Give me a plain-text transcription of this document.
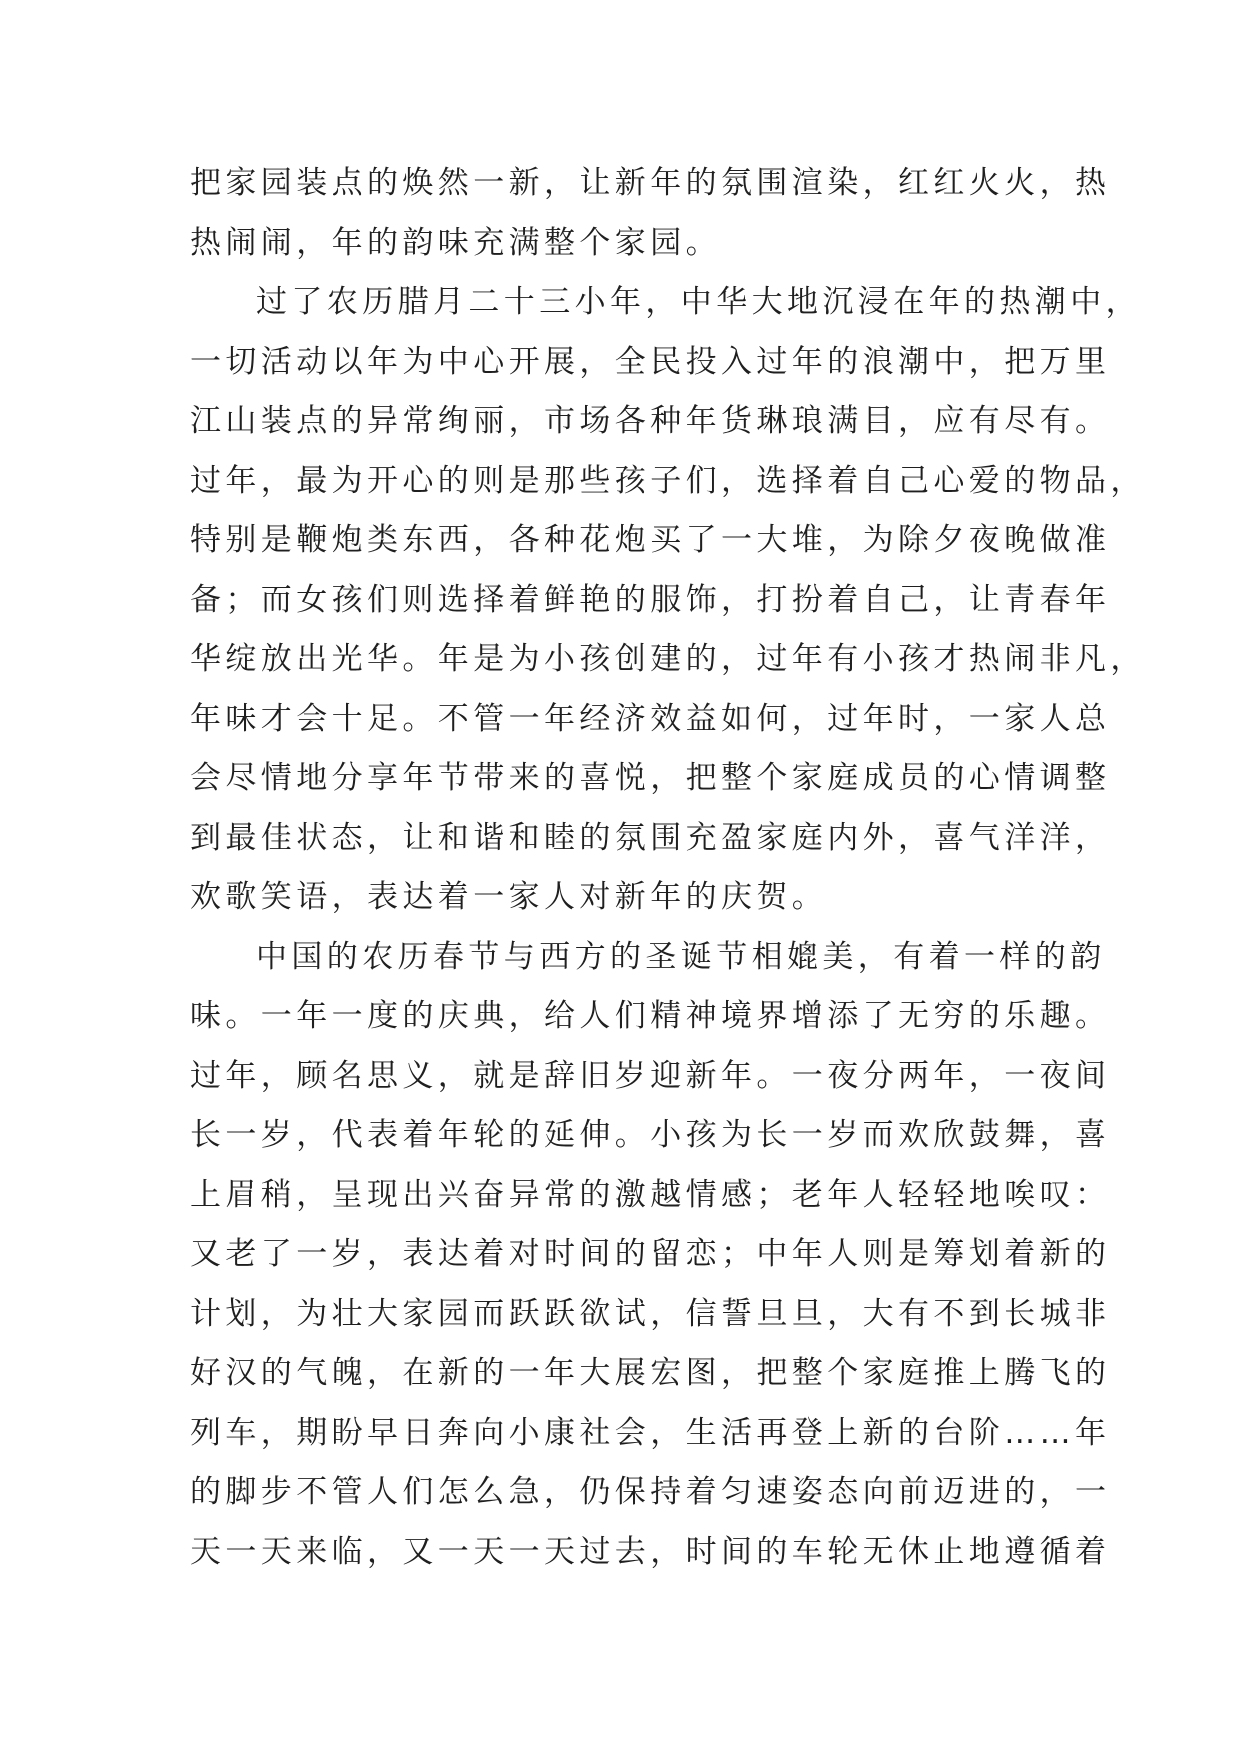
把家园装点的焕然一新，让新年的氛围渲染，红红火火，热
热闹闹，年的韵味充满整个家园。
过了农历腊月二十三小年，中华大地沉浸在年的热潮中，
一切活动以年为中心开展，全民投入过年的浪潮中，把万里
江山装点的异常绚丽，市场各种年货琳琅满目，应有尽有。
过年，最为开心的则是那些孩子们，选择着自己心爱的物品，
特别是鞭炮类东西，各种花炮买了一大堆，为除夕夜晚做准
备；而女孩们则选择着鲜艳的服饰，打扮着自己，让青春年
华绽放出光华。年是为小孩创建的，过年有小孩才热闹非凡，
年味才会十足。不管一年经济效益如何，过年时，一家人总
会尽情地分享年节带来的喜悦，把整个家庭成员的心情调整
到最佳状态，让和谐和睦的氛围充盈家庭内外，喜气洋洋，
欢歌笑语，表达着一家人对新年的庆贺。
中国的农历春节与西方的圣诞节相媲美，有着一样的韵
味。一年一度的庆典，给人们精神境界增添了无穷的乐趣。
过年，顾名思义，就是辞旧岁迎新年。一夜分两年，一夜间
长一岁，代表着年轮的延伸。小孩为长一岁而欢欣鼓舞，喜
上眉稍，呈现出兴奋异常的激越情感；老年人轻轻地唉叹：
又老了一岁，表达着对时间的留恋；中年人则是筹划着新的
计划，为壮大家园而跃跃欲试，信誓旦旦，大有不到长城非
好汉的气魄，在新的一年大展宏图，把整个家庭推上腾飞的
列车，期盼早日奔向小康社会，生活再登上新的台阶……年
的脚步不管人们怎么急，仍保持着匀速姿态向前迈进的，一
天一天来临，又一天一天过去，时间的车轮无休止地遵循着
